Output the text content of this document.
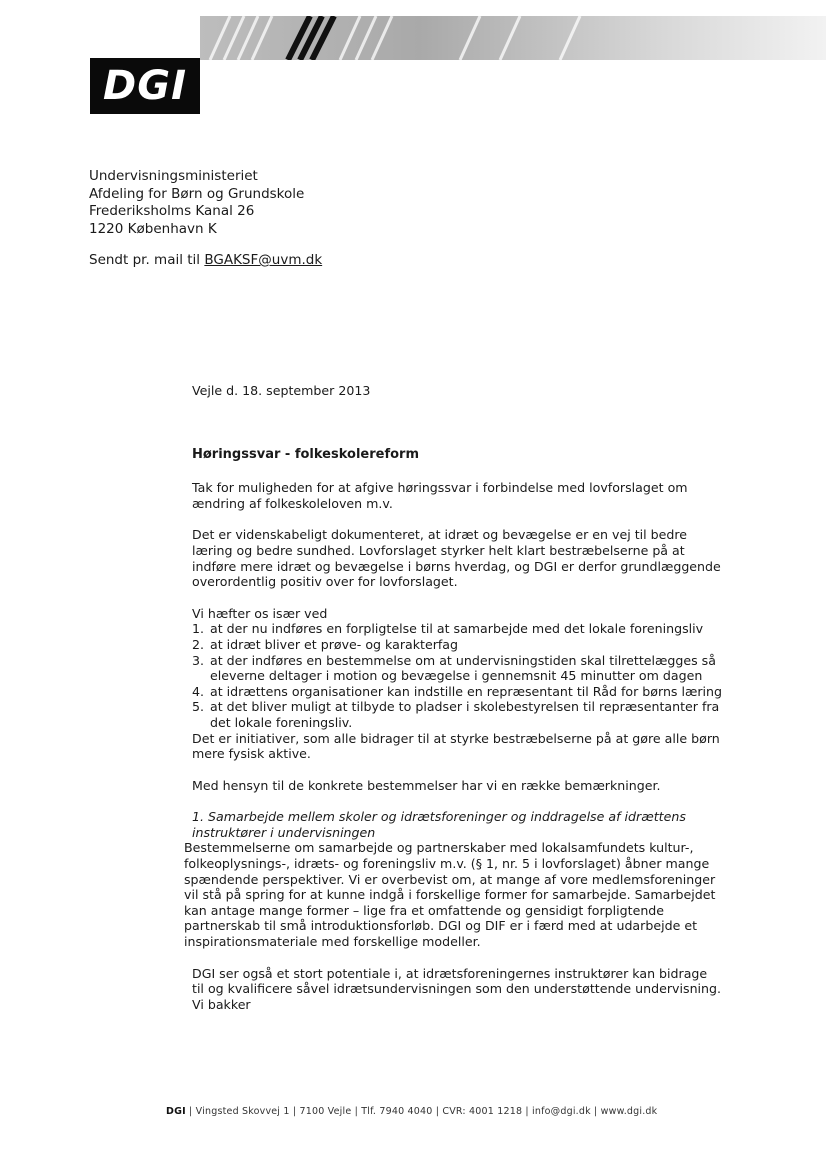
DGI
Undervisningsministeriet
Afdeling for Børn og Grundskole
Frederiksholms Kanal 26
1220 København K
Sendt pr. mail til BGAKSF@uvm.dk
Vejle d. 18. september 2013
Høringssvar - folkeskolereform

Tak for muligheden for at afgive høringssvar i forbindelse med lovforslaget om ændring af folkeskoleloven m.v.

Det er videnskabeligt dokumenteret, at idræt og bevægelse er en vej til bedre læring og bedre sundhed. Lovforslaget styrker helt klart bestræbelserne på at indføre mere idræt og bevægelse i børns hverdag, og DGI er derfor grundlæggende overordentlig positiv over for lovforslaget.

Vi hæfter os især ved

1. at der nu indføres en forpligtelse til at samarbejde med det lokale foreningsliv
2. at idræt bliver et prøve- og karakterfag
3. at der indføres en bestemmelse om at undervisningstiden skal tilrettelægges så eleverne deltager i motion og bevægelse i gennemsnit 45 minutter om dagen
4. at idrættens organisationer kan indstille en repræsentant til Råd for børns læring
5. at det bliver muligt at tilbyde to pladser i skolebestyrelsen til repræsentanter fra det lokale foreningsliv.

Det er initiativer, som alle bidrager til at styrke bestræbelserne på at gøre alle børn mere fysisk aktive.

Med hensyn til de konkrete bestemmelser har vi en række bemærkninger.

1. Samarbejde mellem skoler og idrætsforeninger og inddragelse af idrættens instruktører i undervisningen

Bestemmelserne om samarbejde og partnerskaber med lokalsamfundets kultur-, folkeoplysnings-, idræts- og foreningsliv m.v. (§ 1, nr. 5 i lovforslaget) åbner mange spændende perspektiver. Vi er overbevist om, at mange af vore medlemsforeninger vil stå på spring for at kunne indgå i forskellige former for samarbejde. Samarbejdet kan antage mange former – lige fra et omfattende og gensidigt forpligtende partnerskab til små introduktionsforløb. DGI og DIF er i færd med at udarbejde et inspirationsmateriale med forskellige modeller.

DGI ser også et stort potentiale i, at idrætsforeningernes instruktører kan bidrage til og kvalificere såvel idrætsundervisningen som den understøttende undervisning. Vi bakker

DGI | Vingsted Skovvej 1 | 7100 Vejle | Tlf. 7940 4040 | CVR: 4001 1218 | info@dgi.dk | www.dgi.dk
